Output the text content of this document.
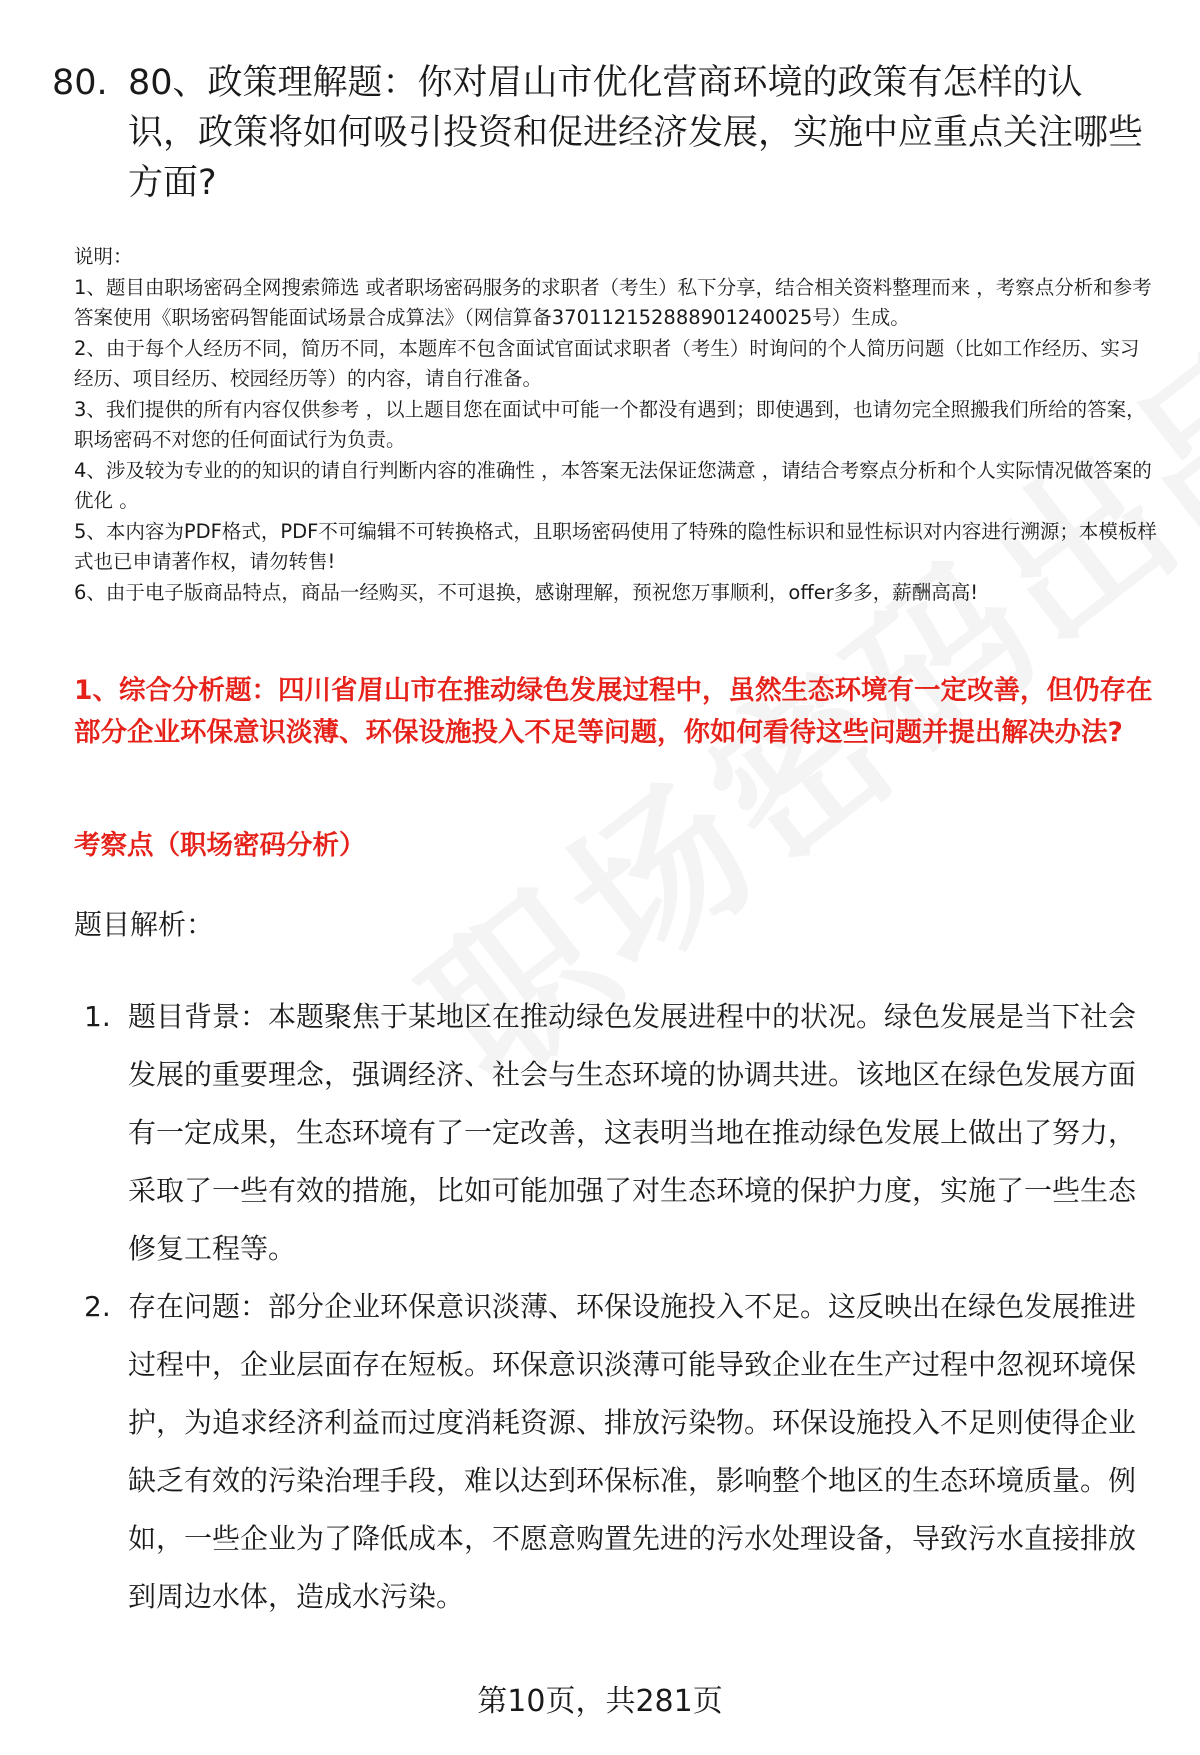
80. 80、政策理解题：你对眉山市优化营商环境的政策有怎样的认识，政策将如何吸引投资和促进经济发展，实施中应重点关注哪些方面?

说明：

1、题目由职场密码全网搜索筛选 或者职场密码服务的求职者（考生）私下分享，结合相关资料整理而来 ，考察点分析和参考答案使用《职场密码智能面试场景合成算法》（网信算备370112152888901240025号）生成。

2、由于每个人经历不同，简历不同，本题库不包含面试官面试求职者（考生）时询问的个人简历问题（比如工作经历、实习经历、项目经历、校园经历等）的内容，请自行准备。

3、我们提供的所有内容仅供参考 ，以上题目您在面试中可能一个都没有遇到；即使遇到，也请勿完全照搬我们所给的答案，职场密码不对您的任何面试行为负责。

4、涉及较为专业的的知识的请自行判断内容的准确性 ，本答案无法保证您满意 ，请结合考察点分析和个人实际情况做答案的优化 。

5、本内容为PDF格式，PDF不可编辑不可转换格式，且职场密码使用了特殊的隐性标识和显性标识对内容进行溯源；本模板样式也已申请著作权，请勿转售!

6、由于电子版商品特点，商品一经购买，不可退换，感谢理解，预祝您万事顺利，offer多多，薪酬高高!

1、综合分析题：四川省眉山市在推动绿色发展过程中，虽然生态环境有一定改善，但仍存在部分企业环保意识淡薄、环保设施投入不足等问题，你如何看待这些问题并提出解决办法?
考察点（职场密码分析）
题目解析：
1. 题目背景：本题聚焦于某地区在推动绿色发展进程中的状况。绿色发展是当下社会发展的重要理念，强调经济、社会与生态环境的协调共进。该地区在绿色发展方面有一定成果，生态环境有了一定改善，这表明当地在推动绿色发展上做出了努力，采取了一些有效的措施，比如可能加强了对生态环境的保护力度，实施了一些生态修复工程等。
2. 存在问题：部分企业环保意识淡薄、环保设施投入不足。这反映出在绿色发展推进过程中，企业层面存在短板。环保意识淡薄可能导致企业在生产过程中忽视环境保护，为追求经济利益而过度消耗资源、排放污染物。环保设施投入不足则使得企业缺乏有效的污染治理手段，难以达到环保标准，影响整个地区的生态环境质量。例如，一些企业为了降低成本，不愿意购置先进的污水处理设备，导致污水直接排放到周边水体，造成水污染。
第10页，共281页
